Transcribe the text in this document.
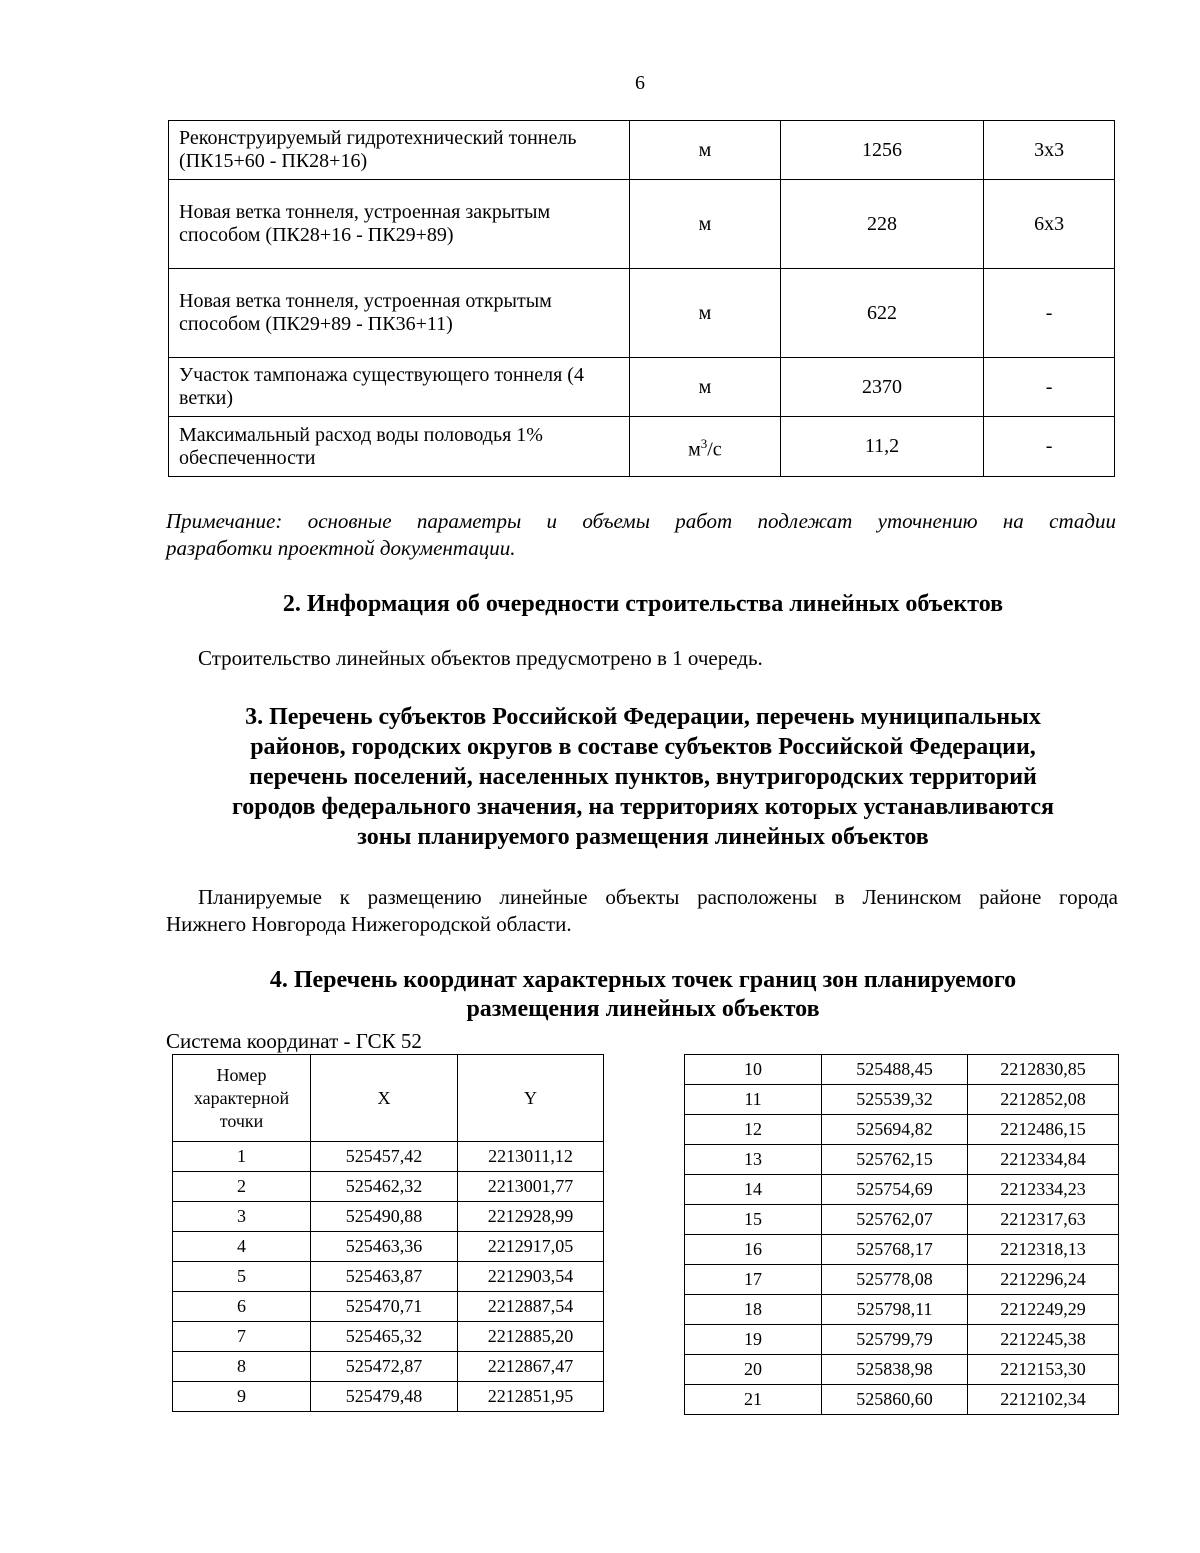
6
Реконструируемый гидротехнический тоннель (ПК15+60 - ПК28+16)	м	1256	3х3
Новая ветка тоннеля, устроенная закрытым способом (ПК28+16 - ПК29+89)	м	228	6х3
Новая ветка тоннеля, устроенная открытым способом (ПК29+89 - ПК36+11)	м	622	-
Участок тампонажа существующего тоннеля (4 ветки)	м	2370	-
Максимальный расход воды половодья 1% обеспеченности	$м^3/с$	11,2	-
Примечание: основные параметры и объемы работ подлежат уточнению на стадии
разработки проектной документации.
2. Информация об очередности строительства линейных объектов
Строительство линейных объектов предусмотрено в 1 очередь.
3. Перечень субъектов Российской Федерации, перечень муниципальных
районов, городских округов в составе субъектов Российской Федерации,
перечень поселений, населенных пунктов, внутригородских территорий
городов федерального значения, на территориях которых устанавливаются
зоны планируемого размещения линейных объектов
Планируемые к размещению линейные объекты расположены в Ленинском районе города
Нижнего Новгорода Нижегородской области.
4. Перечень координат характерных точек границ зон планируемого
размещения линейных объектов
Система координат - ГСК 52
Номер
характерной
точки	X	Y
1	525457,42	2213011,12
2	525462,32	2213001,77
3	525490,88	2212928,99
4	525463,36	2212917,05
5	525463,87	2212903,54
6	525470,71	2212887,54
7	525465,32	2212885,20
8	525472,87	2212867,47
9	525479,48	2212851,95
10	525488,45	2212830,85
11	525539,32	2212852,08
12	525694,82	2212486,15
13	525762,15	2212334,84
14	525754,69	2212334,23
15	525762,07	2212317,63
16	525768,17	2212318,13
17	525778,08	2212296,24
18	525798,11	2212249,29
19	525799,79	2212245,38
20	525838,98	2212153,30
21	525860,60	2212102,34
